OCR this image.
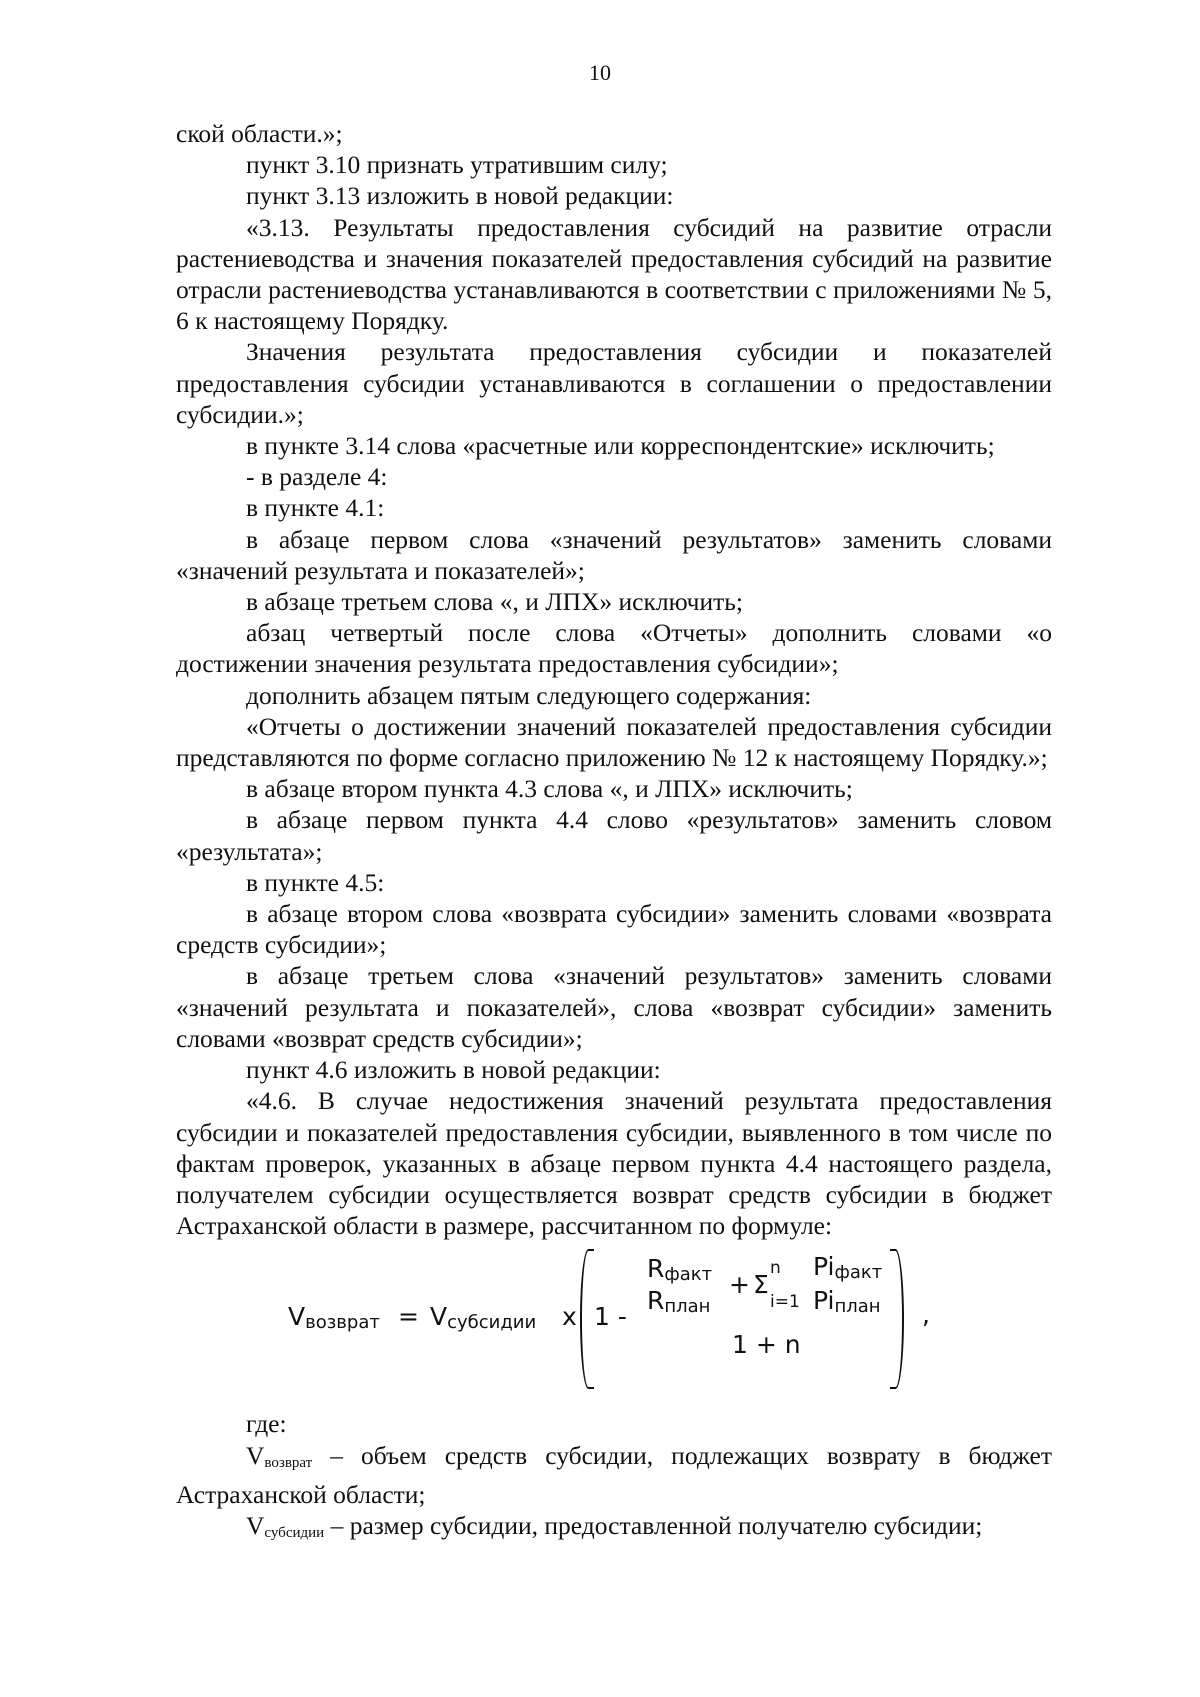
10

ской области.»;

пункт 3.10 признать утратившим силу;

пункт 3.13 изложить в новой редакции:

«3.13. Результаты предоставления субсидий на развитие отрасли растениеводства и значения показателей предоставления субсидий на развитие отрасли растениеводства устанавливаются в соответствии с приложениями № 5, 6 к настоящему Порядку.

Значения результата предоставления субсидии и показателей предоставления субсидии устанавливаются в соглашении о предоставлении субсидии.»;

в пункте 3.14 слова «расчетные или корреспондентские» исключить;

- в разделе 4:

в пункте 4.1:

в абзаце первом слова «значений результатов» заменить словами «значений результата и показателей»;

в абзаце третьем слова «, и ЛПХ» исключить;

абзац четвертый после слова «Отчеты» дополнить словами «о достижении значения результата предоставления субсидии»;

дополнить абзацем пятым следующего содержания:

«Отчеты о достижении значений показателей предоставления субсидии представляются по форме согласно приложению № 12 к настоящему Порядку.»;

в абзаце втором пункта 4.3 слова «, и ЛПХ» исключить;

в абзаце первом пункта 4.4 слово «результатов» заменить словом «результата»;

в пункте 4.5:

в абзаце втором слова «возврата субсидии» заменить словами «возврата средств субсидии»;

в абзаце третьем слова «значений результатов» заменить словами «значений результата и показателей», слова «возврат субсидии» заменить словами «возврат средств субсидии»;

пункт 4.6 изложить в новой редакции:

«4.6. В случае недостижения значений результата предоставления субсидии и показателей предоставления субсидии, выявленного в том числе по фактам проверок, указанных в абзаце первом пункта 4.4 настоящего раздела, получателем субсидии осуществляется возврат средств субсидии в бюджет Астраханской области в размере, рассчитанном по формуле:

$V_{возврат} = V_{субсидии}$ x 1 -
$R_{факт}$
$R_{план}$
+ Σ
n
i=1
$Pi_{факт}$
$Pi_{план}$
1 + n
,

где:

$V_{возврат}$ – объем средств субсидии, подлежащих возврату в бюджет Астраханской области;

$V_{субсидии}$ – размер субсидии, предоставленной получателю субсидии;
